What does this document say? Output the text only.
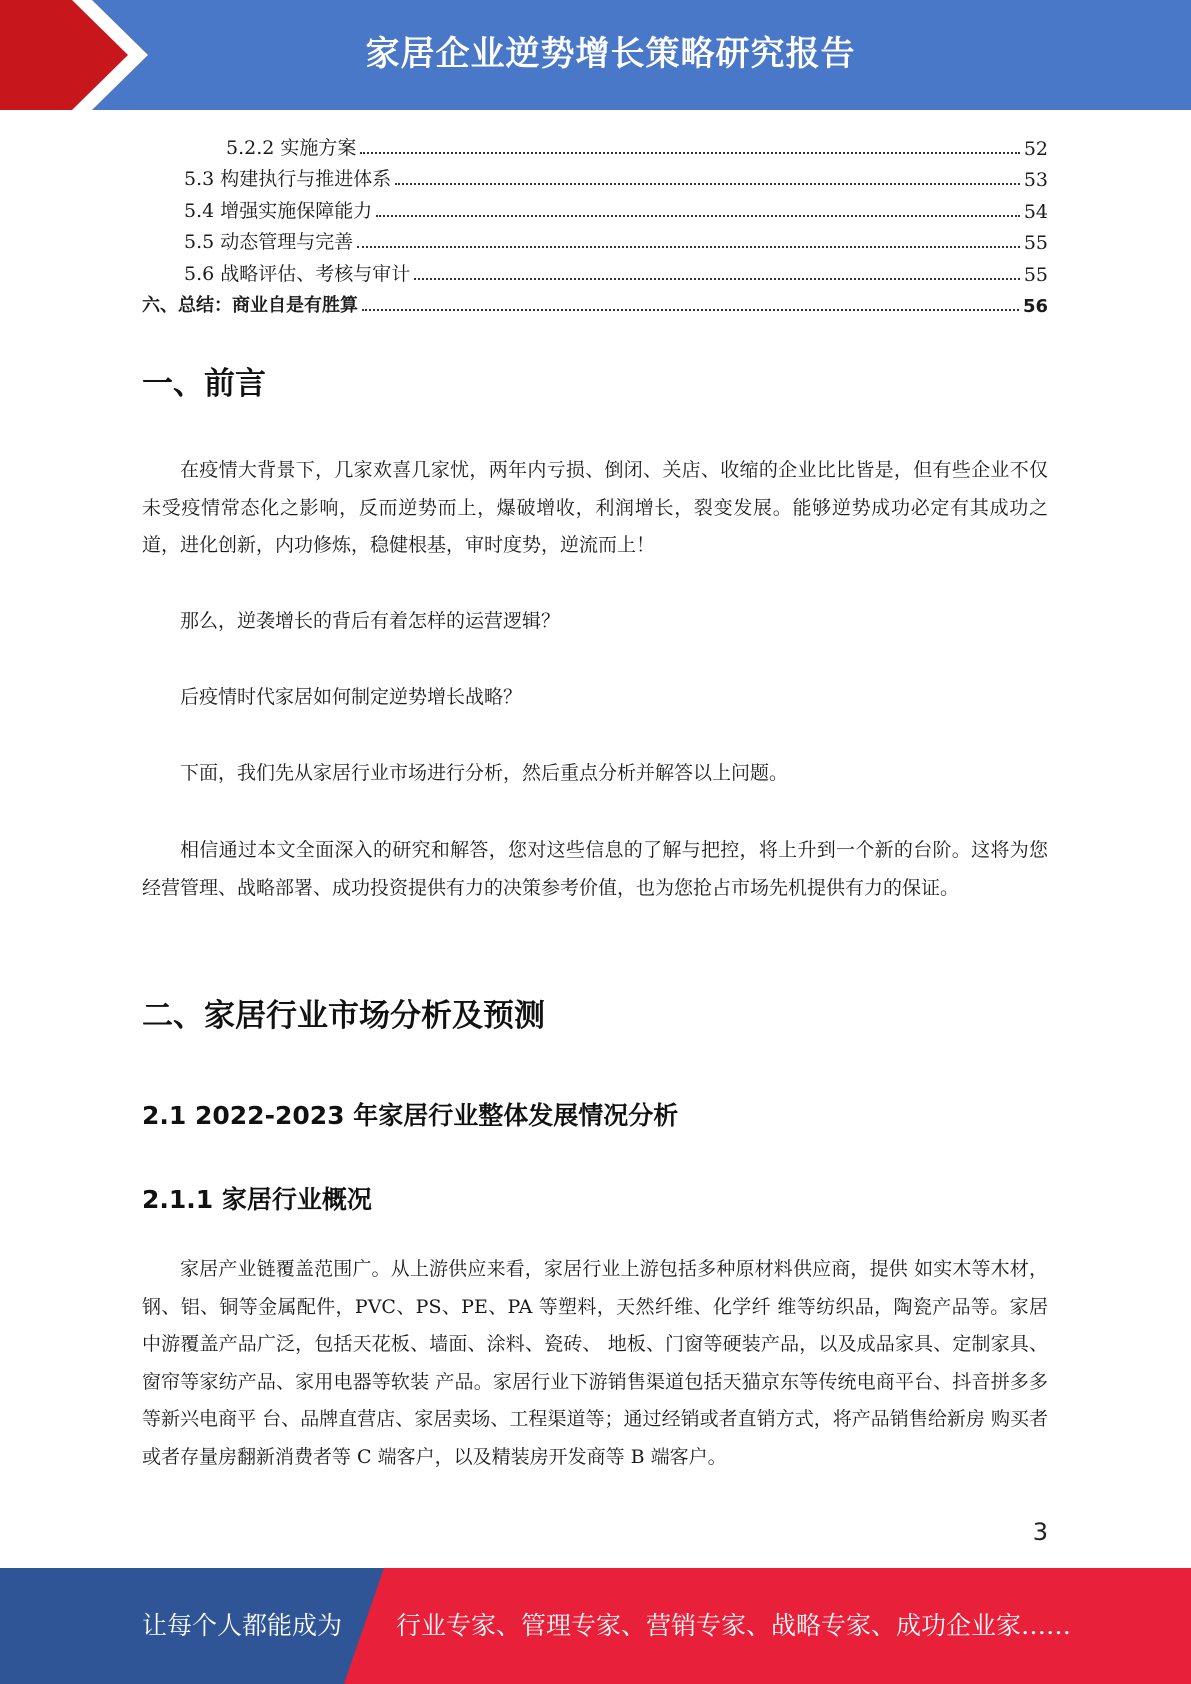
家居企业逆势增长策略研究报告
5.2.2 实施方案	52
5.3 构建执行与推进体系	53
5.4 增强实施保障能力	54
5.5 动态管理与完善	55
5.6 战略评估、考核与审计	55
六、总结：商业自是有胜算	56
一、前言
在疫情大背景下，几家欢喜几家忧，两年内亏损、倒闭、关店、收缩的企业比比皆是，但有些企业不仅未受疫情常态化之影响，反而逆势而上，爆破增收，利润增长，裂变发展。能够逆势成功必定有其成功之道，进化创新，内功修炼，稳健根基，审时度势，逆流而上！
那么，逆袭增长的背后有着怎样的运营逻辑？
后疫情时代家居如何制定逆势增长战略？
下面，我们先从家居行业市场进行分析，然后重点分析并解答以上问题。
相信通过本文全面深入的研究和解答，您对这些信息的了解与把控，将上升到一个新的台阶。这将为您经营管理、战略部署、成功投资提供有力的决策参考价值，也为您抢占市场先机提供有力的保证。
二、家居行业市场分析及预测
2.1 2022-2023 年家居行业整体发展情况分析
2.1.1 家居行业概况
家居产业链覆盖范围广。从上游供应来看，家居行业上游包括多种原材料供应商，提供 如实木等木材，钢、铝、铜等金属配件，PVC、PS、PE、PA 等塑料，天然纤维、化学纤 维等纺织品，陶瓷产品等。家居中游覆盖产品广泛，包括天花板、墙面、涂料、瓷砖、 地板、门窗等硬装产品，以及成品家具、定制家具、窗帘等家纺产品、家用电器等软装 产品。家居行业下游销售渠道包括天猫京东等传统电商平台、抖音拼多多等新兴电商平 台、品牌直营店、家居卖场、工程渠道等；通过经销或者直销方式，将产品销售给新房 购买者或者存量房翻新消费者等 C 端客户，以及精装房开发商等 B 端客户。
3
让每个人都能成为 行业专家、管理专家、营销专家、战略专家、成功企业家……
